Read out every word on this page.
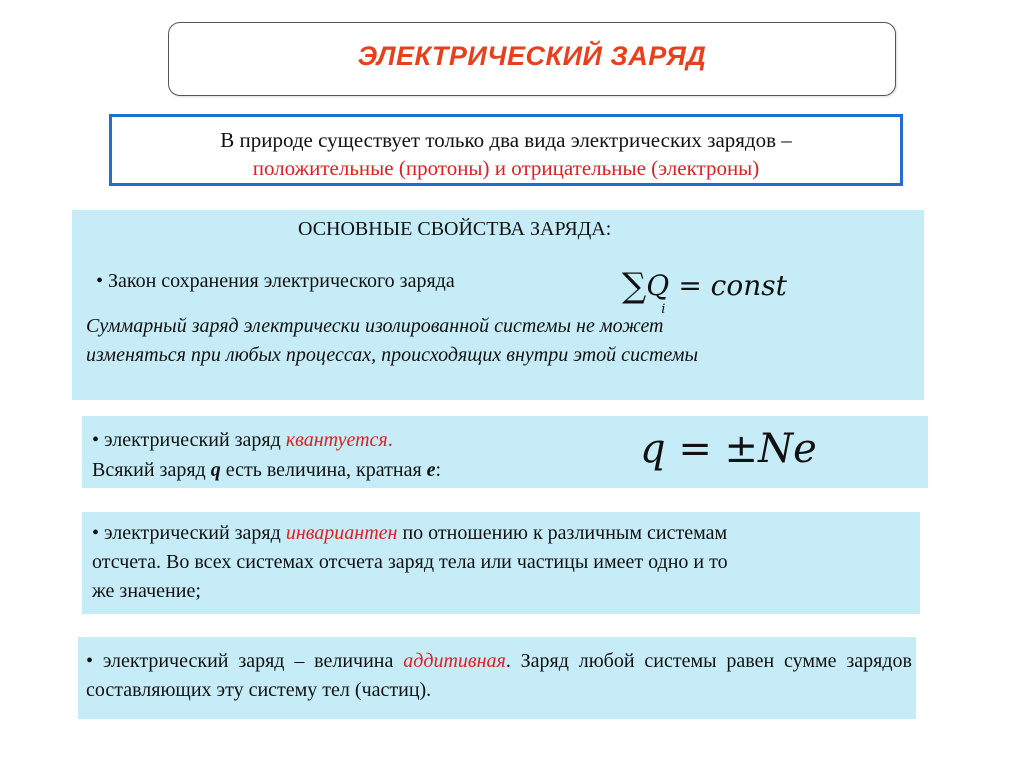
ЭЛЕКТРИЧЕСКИЙ ЗАРЯД
В природе существует только два вида электрических зарядов –
положительные (протоны) и отрицательные (электроны)
ОСНОВНЫЕ СВОЙСТВА ЗАРЯДА:
• Закон сохранения электрического заряда	$\sum Q_i$ = const
Суммарный заряд электрически изолированной системы не может
изменяться при любых процессах, происходящих внутри этой системы
• электрический заряд квантуется.
Всякий заряд q есть величина, кратная e:	q = ±Ne
• электрический заряд инвариантен по отношению к различным системам
отсчета. Во всех системах отсчета заряд тела или частицы имеет одно и то
же значение;
• электрический заряд – величина аддитивная. Заряд любой системы равен сумме зарядов составляющих эту систему тел (частиц).
